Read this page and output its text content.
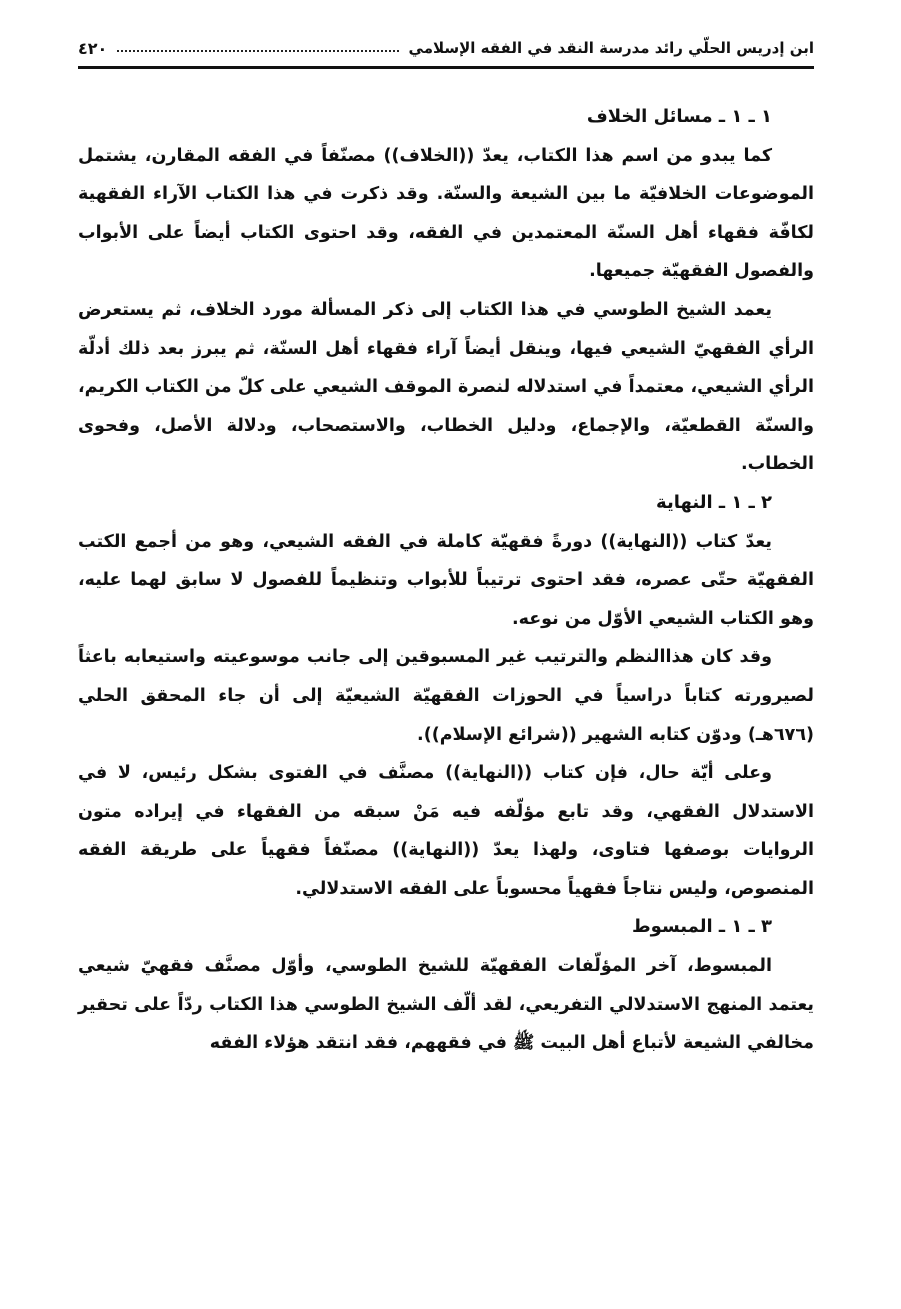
ابن إدريس الحلّي رائد مدرسة النقد في الفقه الإسلامي
٤٢٠
١ ـ ١ ـ مسائل الخلاف

كما يبدو من اسم هذا الكتاب، يعدّ ((الخلاف)) مصنّفاً في الفقه المقارن، يشتمل الموضوعات الخلافيّة ما بين الشيعة والسنّة. وقد ذكرت في هذا الكتاب الآراء الفقهية لكافّة فقهاء أهل السنّة المعتمدين في الفقه، وقد احتوى الكتاب أيضاً على الأبواب والفصول الفقهيّة جميعها.

يعمد الشيخ الطوسي في هذا الكتاب إلى ذكر المسألة مورد الخلاف، ثم يستعرض الرأي الفقهيّ الشيعي فيها، وينقل أيضاً آراء فقهاء أهل السنّة، ثم يبرز بعد ذلك أدلّة الرأي الشيعي، معتمداً في استدلاله لنصرة الموقف الشيعي على كلّ من الكتاب الكريم، والسنّة القطعيّة، والإجماع، ودليل الخطاب، والاستصحاب، ودلالة الأصل، وفحوى الخطاب.

٢ ـ ١ ـ النهاية

يعدّ كتاب ((النهاية)) دورةً فقهيّة كاملة في الفقه الشيعي، وهو من أجمع الكتب الفقهيّة حتّى عصره، فقد احتوى ترتيباً للأبواب وتنظيماً للفصول لا سابق لهما عليه، وهو الكتاب الشيعي الأوّل من نوعه.

وقد كان هذاالنظم والترتيب غير المسبوقين إلى جانب موسوعيته واستيعابه باعثاً لصيرورته كتاباً دراسياً في الحوزات الفقهيّة الشيعيّة إلى أن جاء المحقق الحلي (٦٧٦هـ) ودوّن كتابه الشهير ((شرائع الإسلام)).

وعلى أيّة حال، فإن كتاب ((النهاية)) مصنَّف في الفتوى بشكل رئيس، لا في الاستدلال الفقهي، وقد تابع مؤلّفه فيه مَنْ سبقه من الفقهاء في إيراده متون الروايات بوصفها فتاوى، ولهذا يعدّ ((النهاية)) مصنّفاً فقهياً على طريقة الفقه المنصوص، وليس نتاجاً فقهياً محسوباً على الفقه الاستدلالي.

٣ ـ ١ ـ المبسوط

المبسوط، آخر المؤلّفات الفقهيّة للشيخ الطوسي، وأوّل مصنَّف فقهيّ شيعي يعتمد المنهج الاستدلالي التفريعي، لقد ألّف الشيخ الطوسي هذا الكتاب ردّاً على تحقير مخالفي الشيعة لأتباع أهل البيت ﷺ في فقههم، فقد انتقد هؤلاء الفقه
